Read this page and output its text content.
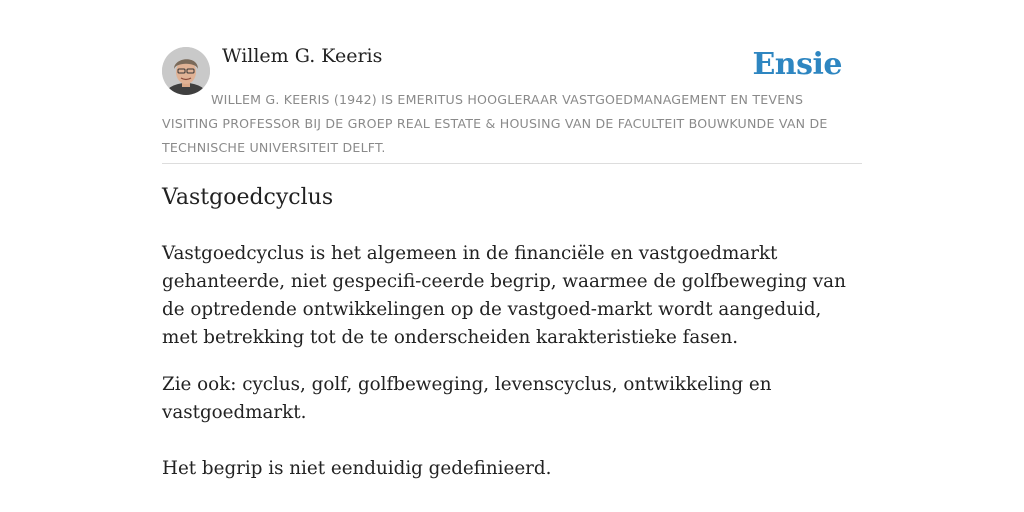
Willem G. Keeris	Ensie
WILLEM G. KEERIS (1942) IS EMERITUS HOOGLERAAR VASTGOEDMANAGEMENT EN TEVENS VISITING PROFESSOR BIJ DE GROEP REAL ESTATE & HOUSING VAN DE FACULTEIT BOUWKUNDE VAN DE TECHNISCHE UNIVERSITEIT DELFT.
Vastgoedcyclus

Vastgoedcyclus is het algemeen in de financiële en vastgoedmarkt gehanteerde, niet gespecifi-ceerde begrip, waarmee de golfbeweging van de optredende ontwikkelingen op de vastgoed-markt wordt aangeduid, met betrekking tot de te onderscheiden karakteristieke fasen.

Zie ook: cyclus, golf, golfbeweging, levenscyclus, ontwikkeling en vastgoedmarkt.

Het begrip is niet eenduidig gedefinieerd.
